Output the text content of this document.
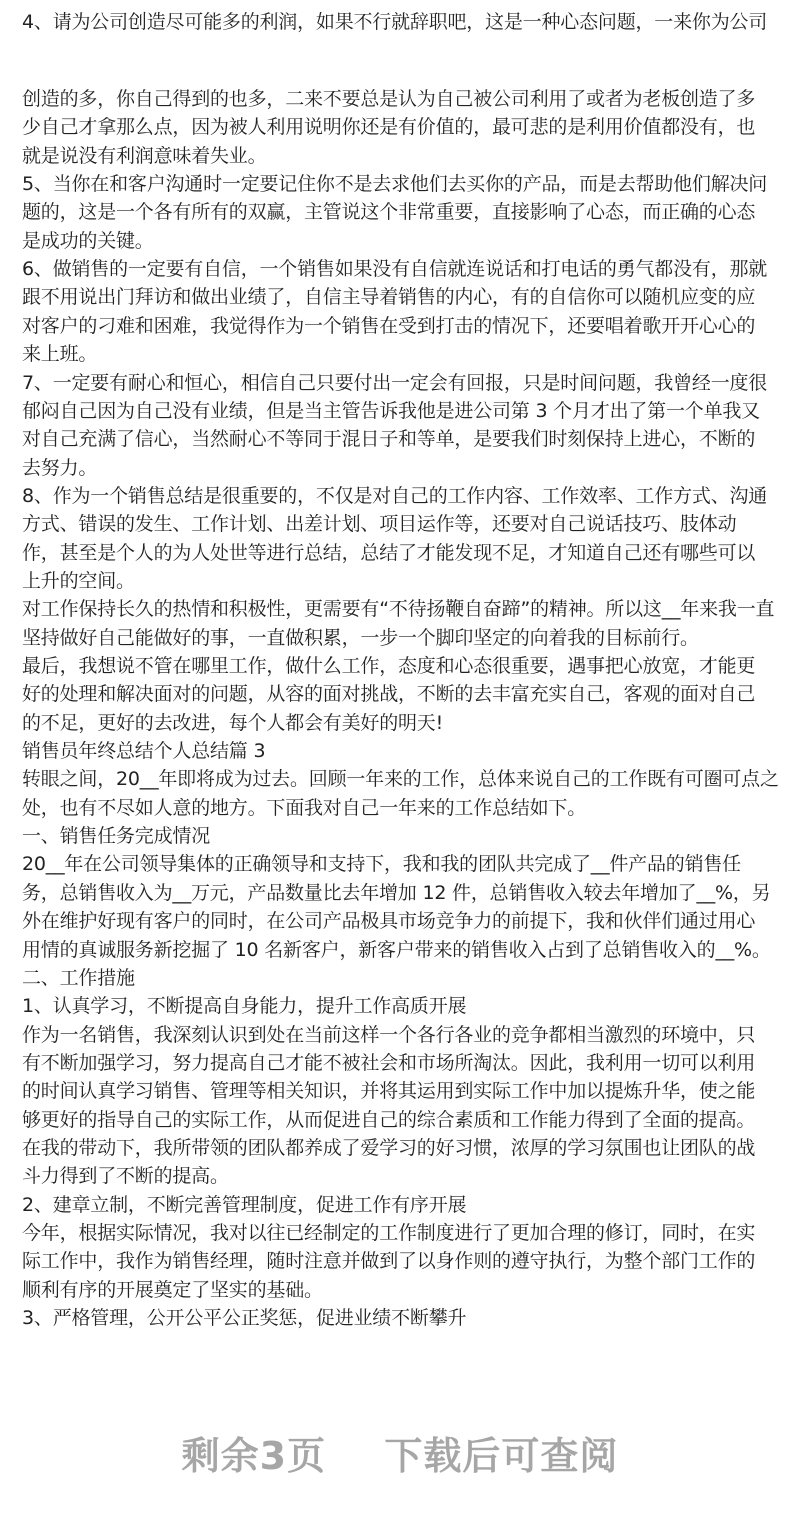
4、请为公司创造尽可能多的利润，如果不行就辞职吧，这是一种心态问题，一来你为公司
创造的多，你自己得到的也多，二来不要总是认为自己被公司利用了或者为老板创造了多
少自己才拿那么点，因为被人利用说明你还是有价值的，最可悲的是利用价值都没有，也
就是说没有利润意味着失业。
5、当你在和客户沟通时一定要记住你不是去求他们去买你的产品，而是去帮助他们解决问
题的，这是一个各有所有的双赢，主管说这个非常重要，直接影响了心态，而正确的心态
是成功的关键。
6、做销售的一定要有自信，一个销售如果没有自信就连说话和打电话的勇气都没有，那就
跟不用说出门拜访和做出业绩了，自信主导着销售的内心，有的自信你可以随机应变的应
对客户的刁难和困难，我觉得作为一个销售在受到打击的情况下，还要唱着歌开开心心的
来上班。
7、一定要有耐心和恒心，相信自己只要付出一定会有回报，只是时间问题，我曾经一度很
郁闷自己因为自己没有业绩，但是当主管告诉我他是进公司第 3 个月才出了第一个单我又
对自己充满了信心，当然耐心不等同于混日子和等单，是要我们时刻保持上进心，不断的
去努力。
8、作为一个销售总结是很重要的，不仅是对自己的工作内容、工作效率、工作方式、沟通
方式、错误的发生、工作计划、出差计划、项目运作等，还要对自己说话技巧、肢体动
作，甚至是个人的为人处世等进行总结，总结了才能发现不足，才知道自己还有哪些可以
上升的空间。
对工作保持长久的热情和积极性，更需要有“不待扬鞭自奋蹄”的精神。所以这__年来我一直
坚持做好自己能做好的事，一直做积累，一步一个脚印坚定的向着我的目标前行。
最后，我想说不管在哪里工作，做什么工作，态度和心态很重要，遇事把心放宽，才能更
好的处理和解决面对的问题，从容的面对挑战，不断的去丰富充实自己，客观的面对自己
的不足，更好的去改进，每个人都会有美好的明天!
销售员年终总结个人总结篇 3
转眼之间，20__年即将成为过去。回顾一年来的工作，总体来说自己的工作既有可圈可点之
处，也有不尽如人意的地方。下面我对自己一年来的工作总结如下。
一、销售任务完成情况
20__年在公司领导集体的正确领导和支持下，我和我的团队共完成了__件产品的销售任
务，总销售收入为__万元，产品数量比去年增加 12 件，总销售收入较去年增加了__%，另
外在维护好现有客户的同时，在公司产品极具市场竞争力的前提下，我和伙伴们通过用心
用情的真诚服务新挖掘了 10 名新客户，新客户带来的销售收入占到了总销售收入的__%。
二、工作措施
1、认真学习，不断提高自身能力，提升工作高质开展
作为一名销售，我深刻认识到处在当前这样一个各行各业的竞争都相当激烈的环境中，只
有不断加强学习，努力提高自己才能不被社会和市场所淘汰。因此，我利用一切可以利用
的时间认真学习销售、管理等相关知识，并将其运用到实际工作中加以提炼升华，使之能
够更好的指导自己的实际工作，从而促进自己的综合素质和工作能力得到了全面的提高。
在我的带动下，我所带领的团队都养成了爱学习的好习惯，浓厚的学习氛围也让团队的战
斗力得到了不断的提高。
2、建章立制，不断完善管理制度，促进工作有序开展
今年，根据实际情况，我对以往已经制定的工作制度进行了更加合理的修订，同时，在实
际工作中，我作为销售经理，随时注意并做到了以身作则的遵守执行，为整个部门工作的
顺利有序的开展奠定了坚实的基础。
3、严格管理，公开公平公正奖惩，促进业绩不断攀升
剩余3页 下载后可查阅
